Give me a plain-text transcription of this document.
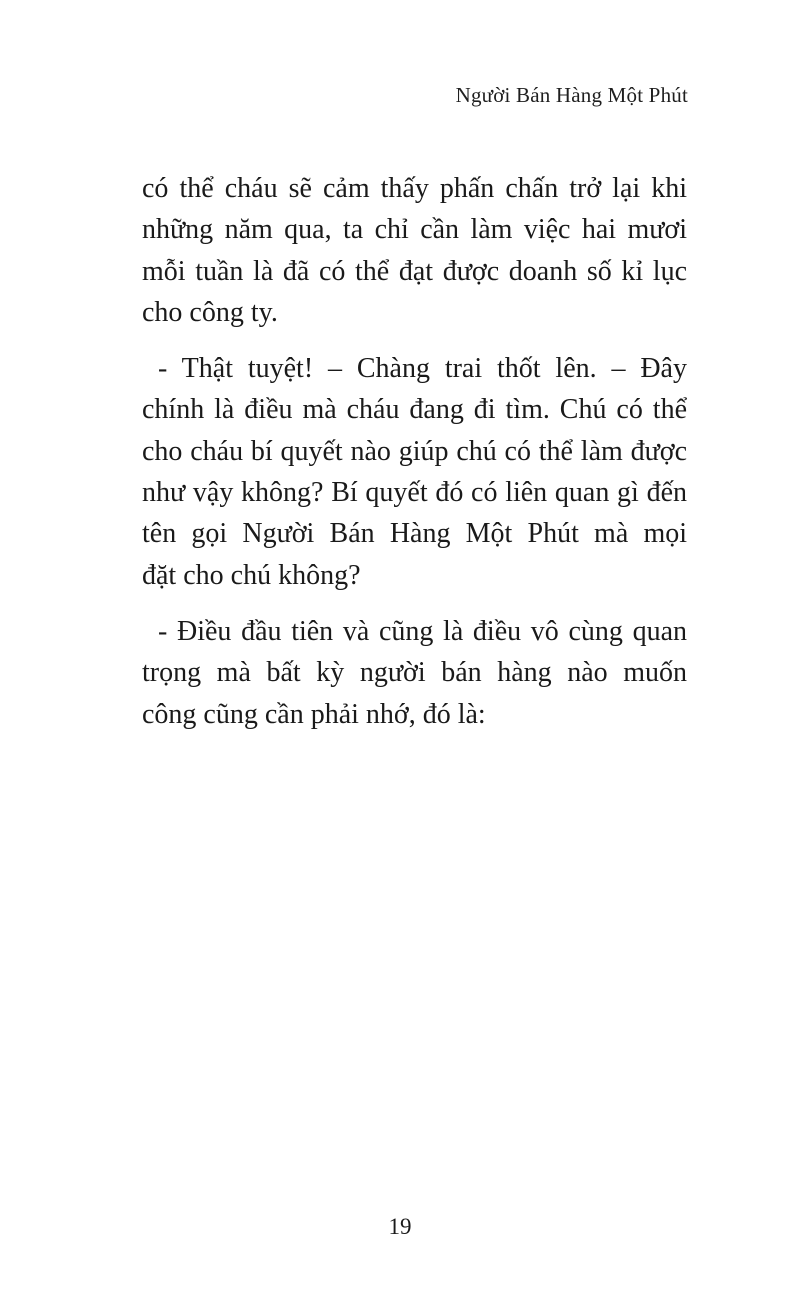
Người Bán Hàng Một Phút
có thể cháu sẽ cảm thấy phấn chấn trở lại khi
những năm qua, ta chỉ cần làm việc hai mươi
mỗi tuần là đã có thể đạt được doanh số kỉ lục
cho công ty.
- Thật tuyệt! – Chàng trai thốt lên. – Đây
chính là điều mà cháu đang đi tìm. Chú có thể
cho cháu bí quyết nào giúp chú có thể làm được
như vậy không? Bí quyết đó có liên quan gì đến
tên gọi Người Bán Hàng Một Phút mà mọi
đặt cho chú không?
- Điều đầu tiên và cũng là điều vô cùng quan
trọng mà bất kỳ người bán hàng nào muốn
công cũng cần phải nhớ, đó là:
19
